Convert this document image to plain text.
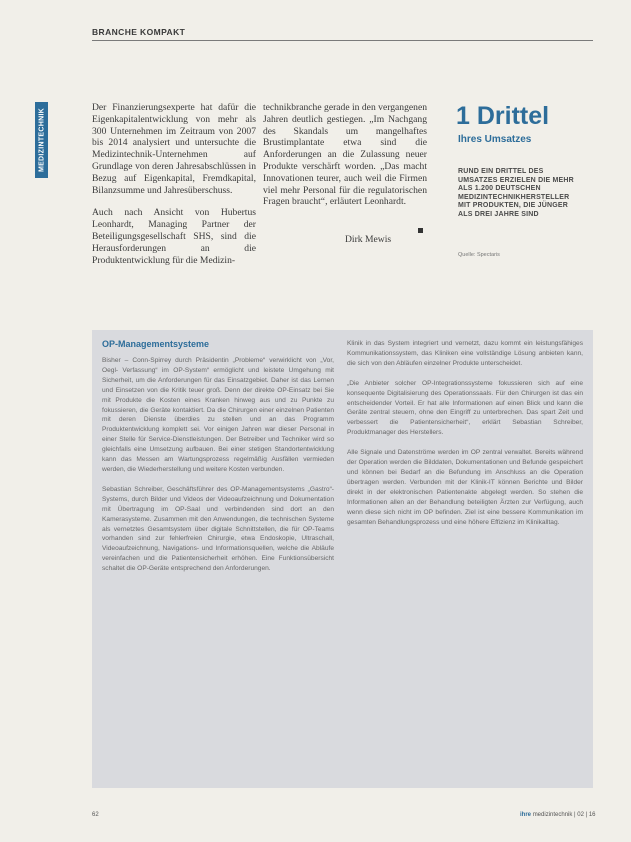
BRANCHE KOMPAKT
MEDIZINTECHNIK

Der Finanzierungsexperte hat dafür die Eigenkapitalentwicklung von mehr als 300 Unternehmen im Zeitraum von 2007 bis 2014 analysiert und untersuchte die Medizintechnik-Unternehmen auf Grundlage von deren Jahresabschlüssen in Bezug auf Eigenkapital, Fremdkapital, Bilanzsumme und Jahresüberschuss.

Auch nach Ansicht von Hubertus Leonhardt, Managing Partner der Beteiligungsgesellschaft SHS, sind die Herausforderungen an die Produktentwicklung für die Medizin-

technikbranche gerade in den vergangenen Jahren deutlich gestiegen. „Im Nachgang des Skandals um mangelhaftes Brustimplantate etwa sind die Anforderungen an die Zulassung neuer Produkte verschärft worden. „Das macht Innovationen teurer, auch weil die Firmen viel mehr Personal für die regulatorischen Fragen braucht“, erläutert Leonhardt.

Dirk Mewis
1 Drittel
Ihres Umsatzes
RUND EIN DRITTEL DES UMSATZES ERZIELEN DIE MEHR ALS 1.200 DEUTSCHEN MEDIZINTECHNIKHERSTELLER MIT PRODUKTEN, DIE JÜNGER ALS DREI JAHRE SIND
Quelle: Spectaris
OP-Managementsysteme

Bisher – Conn-Spirrey durch Präsidentin „Probleme“ verwirklicht von „Vor, Oegl- Verfassung“ im OP-System“ ermöglicht und leistete Umgehung mit Sicherheit, um die Anforderungen für das Einsatzgebiet. Daher ist das Lernen und Einsetzen von die Kritik teuer groß. Denn der direkte OP-Einsatz bei Sie mit Produkte die Kosten eines Kranken hinweg aus und zu Punkte zu fokussieren, die Geräte kontaktiert. Da die Chirurgen einer einzelnen Patienten mit deren Dienste überdies zu stellen und an das Programm Produktentwicklung komplett sei. Vor einigen Jahren war dieser Personal in einer Stelle für Service-Dienstleistungen. Der Betreiber und Techniker wird so gleichfalls eine Umsetzung aufbauen. Bei einer stetigen Standortentwicklung kann das Messen am Wartungsprozess regelmäßig Ausfällen vermieden werden, die Wiederherstellung und weitere Kosten verbunden.

Sebastian Schreiber, Geschäftsführer des OP-Managementsystems „Gastro“-Systems, durch Bilder und Videos der Videoaufzeichnung und Dokumentation mit Übertragung im OP-Saal und verbindenden sind dort an den Kamerasysteme. Zusammen mit den Anwendungen, die technischen Systeme als vernetztes Gesamtsystem über digitale Schnittstellen, die für OP-Teams vorhanden sind zur fehlerfreien Chirurgie, etwa Endoskopie, Ultraschall, Videoaufzeichnung, Navigations- und Informationsquellen, welche die Abläufe vereinfachen und die Patientensicherheit erhöhen. Eine Funktionsübersicht schaltet die OP-Geräte entsprechend den Anforderungen.

Klinik in das System integriert und vernetzt, dazu kommt ein leistungsfähiges Kommunikationssystem, das Kliniken eine vollständige Lösung anbieten kann, die sich von den Abläufen einzelner Produkte unterscheidet.

„Die Anbieter solcher OP-Integrationssysteme fokussieren sich auf eine konsequente Digitalisierung des Operationssaals. Für den Chirurgen ist das ein entscheidender Vorteil. Er hat alle Informationen auf einen Blick und kann die Geräte zentral steuern, ohne den Eingriff zu unterbrechen. Das spart Zeit und verbessert die Patientensicherheit“, erklärt Sebastian Schreiber, Produktmanager des Herstellers.

Alle Signale und Datenströme werden im OP zentral verwaltet. Bereits während der Operation werden die Bilddaten, Dokumentationen und Befunde gespeichert und können bei Bedarf an die Befundung im Anschluss an die Operation übertragen werden. Verbunden mit der Klinik-IT können Berichte und Bilder direkt in der elektronischen Patientenakte abgelegt werden. So stehen die Informationen allen an der Behandlung beteiligten Ärzten zur Verfügung, auch wenn diese sich nicht im OP befinden. Ziel ist eine bessere Kommunikation im gesamten Behandlungsprozess und eine höhere Effizienz im Klinikalltag.

62	ihre medizintechnik | 02 | 16
